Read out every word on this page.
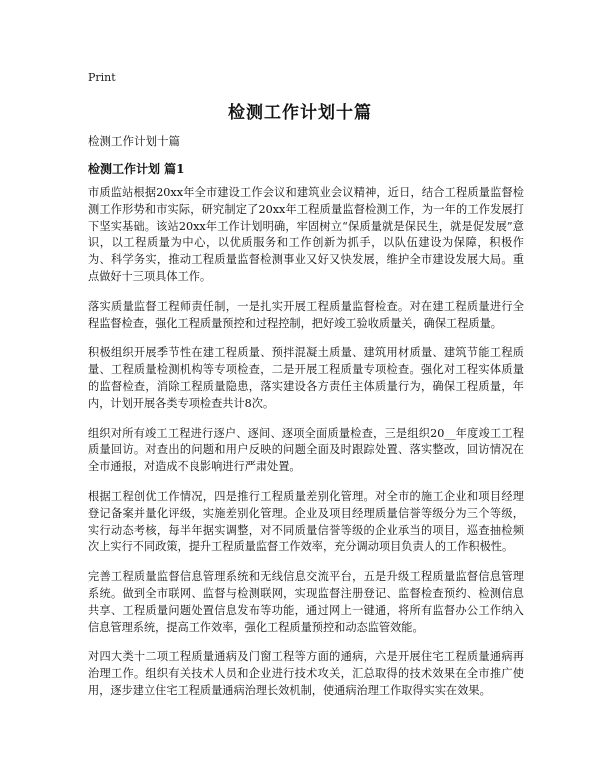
Print
检测工作计划十篇
检测工作计划十篇
检测工作计划 篇1

市质监站根据20xx年全市建设工作会议和建筑业会议精神，近日，结合工程质量监督检测工作形势和市实际，研究制定了20xx年工程质量监督检测工作，为一年的工作发展打下坚实基础。该站20xx年工作计划明确，牢固树立“保质量就是保民生，就是促发展”意识，以工程质量为中心，以优质服务和工作创新为抓手，以队伍建设为保障，积极作为、科学务实，推动工程质量监督检测事业又好又快发展，维护全市建设发展大局。重点做好十三项具体工作。

落实质量监督工程师责任制，一是扎实开展工程质量监督检查。对在建工程质量进行全程监督检查，强化工程质量预控和过程控制，把好竣工验收质量关，确保工程质量。

积极组织开展季节性在建工程质量、预拌混凝土质量、建筑用材质量、建筑节能工程质量、工程质量检测机构等专项检查，二是开展工程质量专项检查。强化对工程实体质量的监督检查，消除工程质量隐患，落实建设各方责任主体质量行为，确保工程质量，年内，计划开展各类专项检查共计8次。

组织对所有竣工工程进行逐户、逐间、逐项全面质量检查，三是组织20__年度竣工工程质量回访。对查出的问题和用户反映的问题全面及时跟踪处置、落实整改，回访情况在全市通报，对造成不良影响进行严肃处置。

根据工程创优工作情况，四是推行工程质量差别化管理。对全市的施工企业和项目经理登记备案并量化评级，实施差别化管理。企业及项目经理质量信誉等级分为三个等级，实行动态考核，每半年据实调整，对不同质量信誉等级的企业承当的项目，巡查抽检频次上实行不同政策，提升工程质量监督工作效率，充分调动项目负责人的工作积极性。

完善工程质量监督信息管理系统和无线信息交流平台，五是升级工程质量监督信息管理系统。做到全市联网、监督与检测联网，实现监督注册登记、监督检查预约、检测信息共享、工程质量问题处置信息发布等功能，通过网上一键通，将所有监督办公工作纳入信息管理系统，提高工作效率，强化工程质量预控和动态监管效能。

对四大类十二项工程质量通病及门窗工程等方面的通病，六是开展住宅工程质量通病再治理工作。组织有关技术人员和企业进行技术攻关，汇总取得的技术效果在全市推广使用，逐步建立住宅工程质量通病治理长效机制，使通病治理工作取得实实在效果。
